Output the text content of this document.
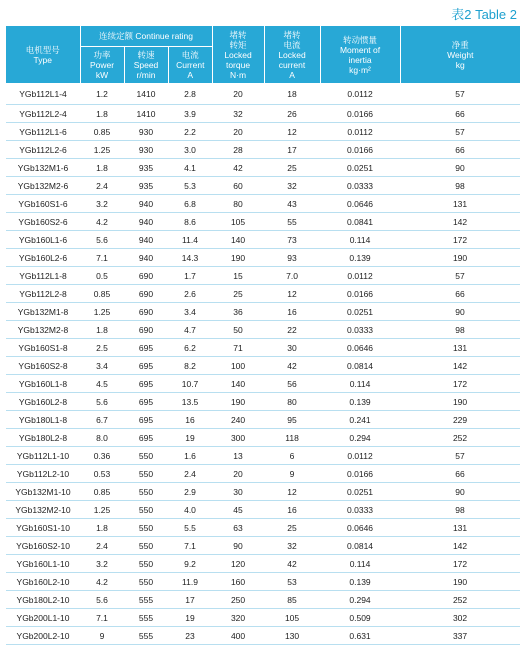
表2 Table 2
电机型号
Type	连续定额 Continue rating			堵转
转矩
Locked
torque
N·m	堵转
电流
Locked
current
A	转动惯量
Moment of
inertia
kg·m²	净重
Weight
kg

	功率
Power
kW	转速
Speed
r/min	电流
Current
A				

YGb112L1-4	1.2	1410	2.8	20	18	0.0112	57
YGb112L2-4	1.8	1410	3.9	32	26	0.0166	66
YGb112L1-6	0.85	930	2.2	20	12	0.0112	57
YGb112L2-6	1.25	930	3.0	28	17	0.0166	66
YGb132M1-6	1.8	935	4.1	42	25	0.0251	90
YGb132M2-6	2.4	935	5.3	60	32	0.0333	98
YGb160S1-6	3.2	940	6.8	80	43	0.0646	131
YGb160S2-6	4.2	940	8.6	105	55	0.0841	142
YGb160L1-6	5.6	940	11.4	140	73	0.114	172
YGb160L2-6	7.1	940	14.3	190	93	0.139	190
YGb112L1-8	0.5	690	1.7	15	7.0	0.0112	57
YGb112L2-8	0.85	690	2.6	25	12	0.0166	66
YGb132M1-8	1.25	690	3.4	36	16	0.0251	90
YGb132M2-8	1.8	690	4.7	50	22	0.0333	98
YGb160S1-8	2.5	695	6.2	71	30	0.0646	131
YGb160S2-8	3.4	695	8.2	100	42	0.0814	142
YGb160L1-8	4.5	695	10.7	140	56	0.114	172
YGb160L2-8	5.6	695	13.5	190	80	0.139	190
YGb180L1-8	6.7	695	16	240	95	0.241	229
YGb180L2-8	8.0	695	19	300	118	0.294	252
YGb112L1-10	0.36	550	1.6	13	6	0.0112	57
YGb112L2-10	0.53	550	2.4	20	9	0.0166	66
YGb132M1-10	0.85	550	2.9	30	12	0.0251	90
YGb132M2-10	1.25	550	4.0	45	16	0.0333	98
YGb160S1-10	1.8	550	5.5	63	25	0.0646	131
YGb160S2-10	2.4	550	7.1	90	32	0.0814	142
YGb160L1-10	3.2	550	9.2	120	42	0.114	172
YGb160L2-10	4.2	550	11.9	160	53	0.139	190
YGb180L2-10	5.6	555	17	250	85	0.294	252
YGb200L1-10	7.1	555	19	320	105	0.509	302
YGb200L2-10	9	555	23	400	130	0.631	337
